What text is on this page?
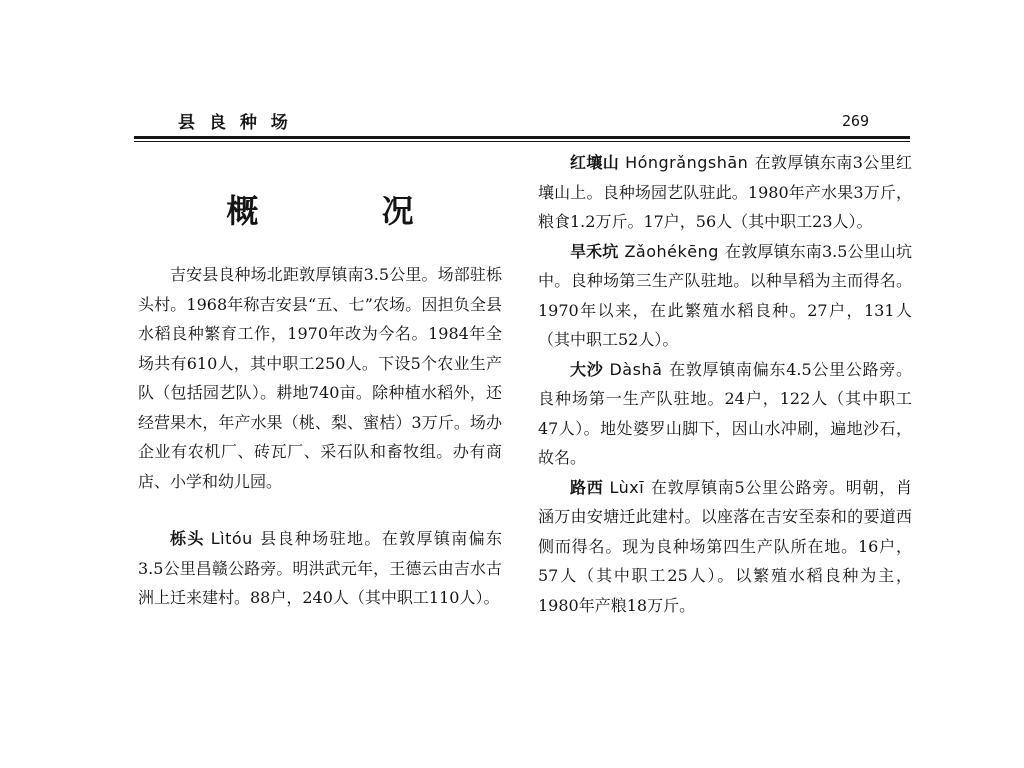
县 良 种 场	269
概 况

吉安县良种场北距敦厚镇南3.5公里。场部驻栎头村。1968年称吉安县“五、七”农场。因担负全县水稻良种繁育工作，1970年改为今名。1984年全场共有610人，其中职工250人。下设5个农业生产队（包括园艺队）。耕地740亩。除种植水稻外，还经营果木，年产水果（桃、梨、蜜桔）3万斤。场办企业有农机厂、砖瓦厂、采石队和畜牧组。办有商店、小学和幼儿园。

栎头 Lìtóu 县良种场驻地。在敦厚镇南偏东3.5公里昌赣公路旁。明洪武元年，王德云由吉水古洲上迁来建村。88户，240人（其中职工110人）。

红壤山 Hóngrǎngshān 在敦厚镇东南3公里红壤山上。良种场园艺队驻此。1980年产水果3万斤，粮食1.2万斤。17户，56人（其中职工23人）。

旱禾坑 Zǎohékēng 在敦厚镇东南3.5公里山坑中。良种场第三生产队驻地。以种旱稻为主而得名。1970年以来，在此繁殖水稻良种。27户，131人（其中职工52人）。

大沙 Dàshā 在敦厚镇南偏东4.5公里公路旁。良种场第一生产队驻地。24户，122人（其中职工47人）。地处婆罗山脚下，因山水冲刷，遍地沙石，故名。

路西 Lùxī 在敦厚镇南5公里公路旁。明朝，肖涵万由安塘迁此建村。以座落在吉安至泰和的要道西侧而得名。现为良种场第四生产队所在地。16户，57人（其中职工25人）。以繁殖水稻良种为主，1980年产粮18万斤。
